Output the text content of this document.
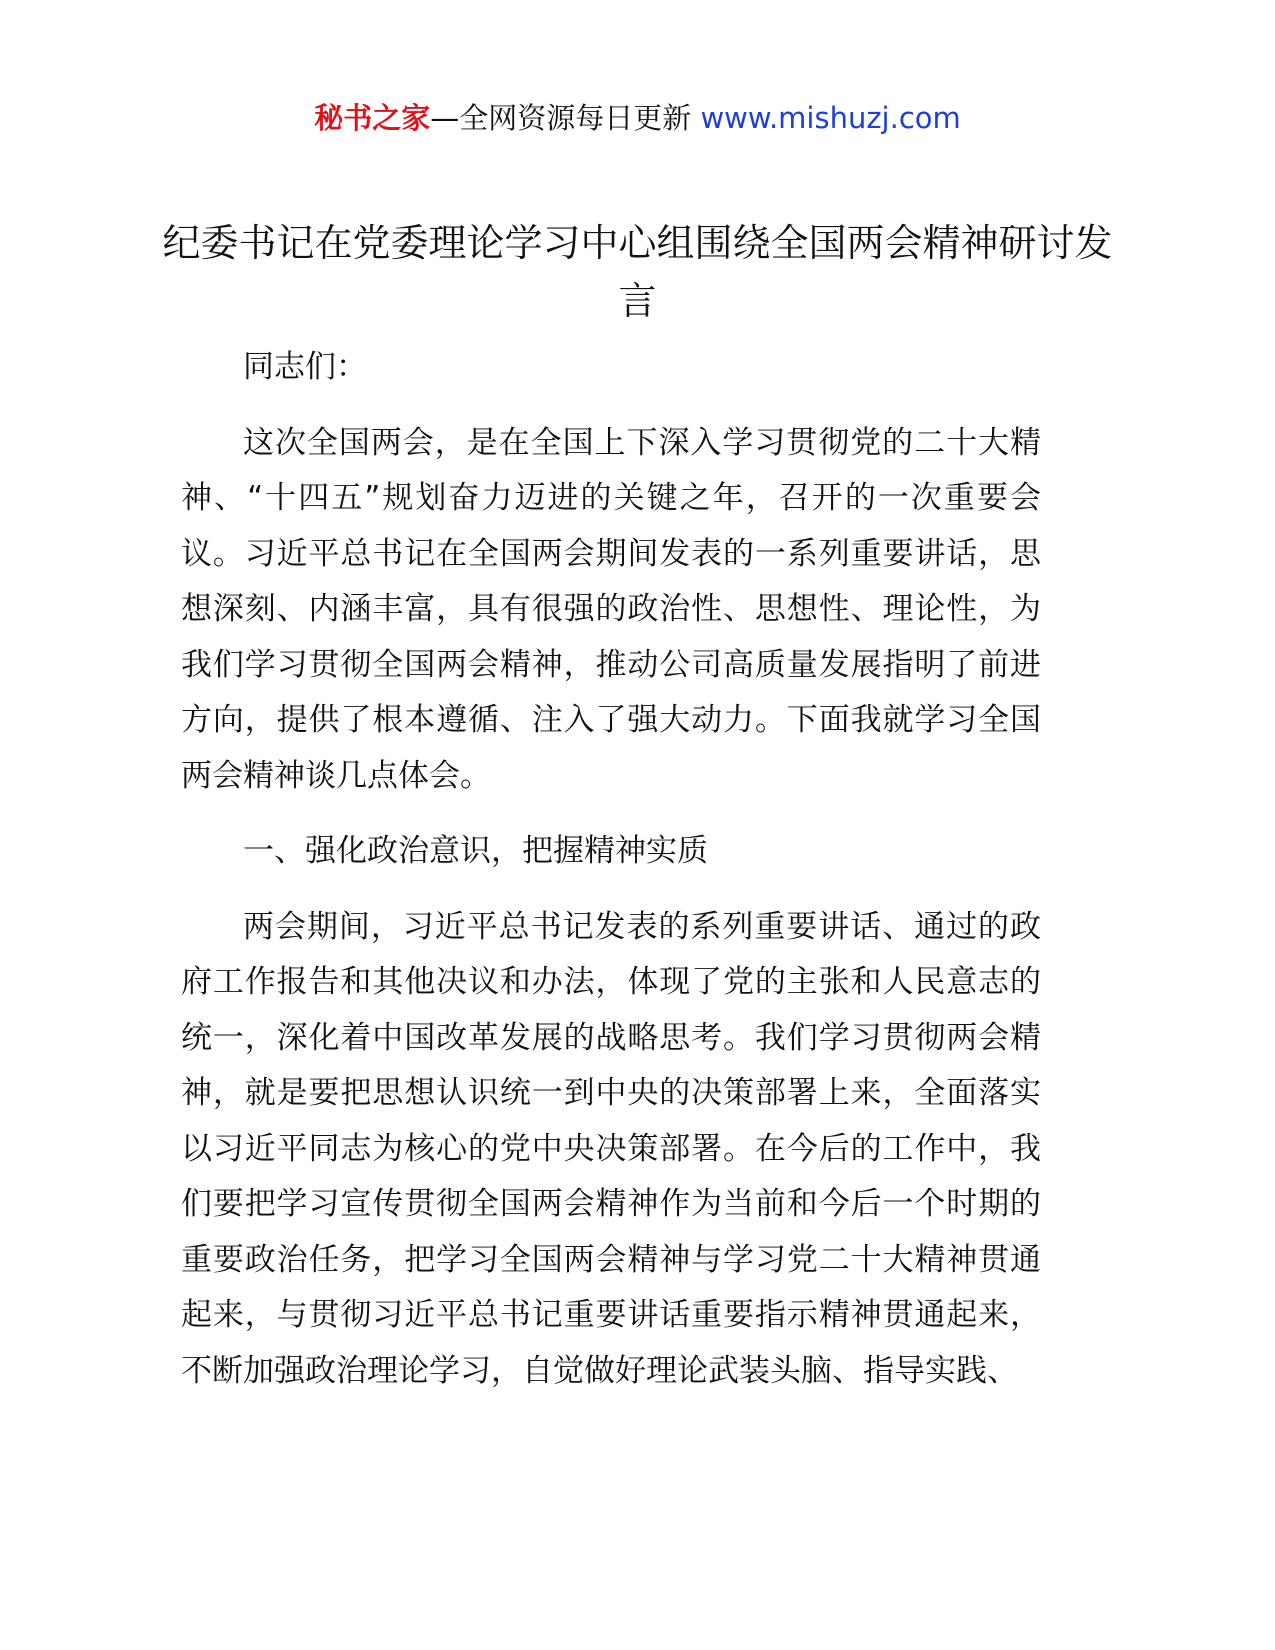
秘书之家—全网资源每日更新 www.mishuzj.com
纪委书记在党委理论学习中心组围绕全国两会精神研讨发言

同志们：

这次全国两会，是在全国上下深入学习贯彻党的二十大精神、“十四五”规划奋力迈进的关键之年，召开的一次重要会议。习近平总书记在全国两会期间发表的一系列重要讲话，思想深刻、内涵丰富，具有很强的政治性、思想性、理论性，为我们学习贯彻全国两会精神，推动公司高质量发展指明了前进方向，提供了根本遵循、注入了强大动力。下面我就学习全国两会精神谈几点体会。

一、强化政治意识，把握精神实质

两会期间，习近平总书记发表的系列重要讲话、通过的政府工作报告和其他决议和办法，体现了党的主张和人民意志的统一，深化着中国改革发展的战略思考。我们学习贯彻两会精神，就是要把思想认识统一到中央的决策部署上来，全面落实以习近平同志为核心的党中央决策部署。在今后的工作中，我们要把学习宣传贯彻全国两会精神作为当前和今后一个时期的重要政治任务，把学习全国两会精神与学习党二十大精神贯通起来，与贯彻习近平总书记重要讲话重要指示精神贯通起来，不断加强政治理论学习，自觉做好理论武装头脑、指导实践、
